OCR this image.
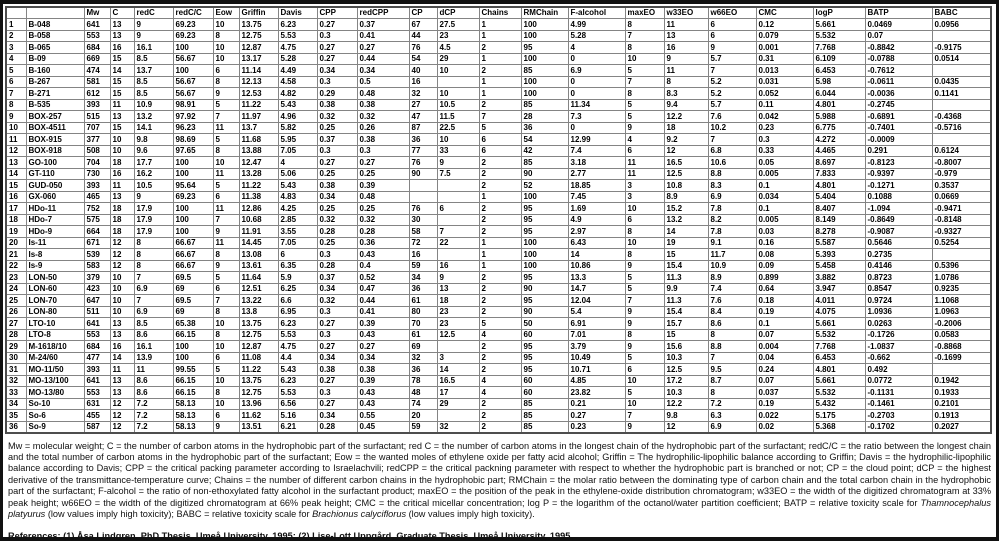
		Mw	C	redC	redC/C	Eow	Griffin	Davis	CPP	redCPP	CP	dCP	Chains	RMChain	F-alcohol	maxEO	w33EO	w66EO	CMC	logP	BATP	BABC
1	B-048	641	13	9	69.23	10	13.75	6.23	0.27	0.37	67	27.5	1	100	4.99	8	11	6	0.12	5.661	0.0469	0.0956
2	B-058	553	13	9	69.23	8	12.75	5.53	0.3	0.41	44	23	1	100	5.28	7	13	6	0.079	5.532	0.07	
3	B-065	684	16	16.1	100	10	12.87	4.75	0.27	0.27	76	4.5	2	95	4	8	16	9	0.001	7.768	-0.8842	-0.9175
4	B-09	669	15	8.5	56.67	10	13.17	5.28	0.27	0.44	54	29	1	100	0	10	9	5.7	0.31	6.109	-0.0788	0.0514
5	B-160	474	14	13.7	100	6	11.14	4.49	0.34	0.34	40	10	2	85	6.9	5	11	7	0.013	6.453	-0.7612	
6	B-267	581	15	8.5	56.67	8	12.13	4.58	0.3	0.5	16		1	100	0	7	8	5.2	0.031	5.98	-0.0611	0.0435
7	B-271	612	15	8.5	56.67	9	12.53	4.82	0.29	0.48	32	10	1	100	0	8	8.3	5.2	0.052	6.044	-0.0036	0.1141
8	B-535	393	11	10.9	98.91	5	11.22	5.43	0.38	0.38	27	10.5	2	85	11.34	5	9.4	5.7	0.11	4.801	-0.2745	
9	BOX-257	515	13	13.2	97.92	7	11.97	4.96	0.32	0.32	47	11.5	7	28	7.3	5	12.2	7.6	0.042	5.988	-0.6891	-0.4368
10	BOX-4511	707	15	14.1	96.23	11	13.7	5.82	0.25	0.26	87	22.5	5	36	0	9	18	10.2	0.23	6.775	-0.7401	-0.5716
11	BOX-915	377	10	9.8	98.69	5	11.68	5.95	0.37	0.38	36	10	6	54	12.99	4	9.2	7	0.3	4.272	-0.0009	
12	BOX-918	508	10	9.6	97.65	8	13.88	7.05	0.3	0.3	77	33	6	42	7.4	6	12	6.8	0.33	4.465	0.291	0.6124
13	GO-100	704	18	17.7	100	10	12.47	4	0.27	0.27	76	9	2	85	3.18	11	16.5	10.6	0.05	8.697	-0.8123	-0.8007
14	GT-110	730	16	16.2	100	11	13.28	5.06	0.25	0.25	90	7.5	2	90	2.77	11	12.5	8.8	0.005	7.833	-0.9397	-0.979
15	GUD-050	393	11	10.5	95.64	5	11.22	5.43	0.38	0.39			2	52	18.85	3	10.8	8.3	0.1	4.801	-0.1271	0.3537
16	GX-060	465	13	9	69.23	6	11.38	4.83	0.34	0.48			1	100	7.45	3	8.9	6.9	0.034	5.404	0.1088	0.0669
17	HDo-11	752	18	17.9	100	11	12.86	4.25	0.25	0.25	76	6	2	95	1.69	10	15.2	7.8	0.1	8.407	-1.094	-0.9471
18	HDo-7	575	18	17.9	100	7	10.68	2.85	0.32	0.32	30		2	95	4.9	6	13.2	8.2	0.005	8.149	-0.8649	-0.8148
19	HDo-9	664	18	17.9	100	9	11.91	3.55	0.28	0.28	58	7	2	95	2.97	8	14	7.8	0.03	8.278	-0.9087	-0.9327
20	Is-11	671	12	8	66.67	11	14.45	7.05	0.25	0.36	72	22	1	100	6.43	10	19	9.1	0.16	5.587	0.5646	0.5254
21	Is-8	539	12	8	66.67	8	13.08	6	0.3	0.43	16		1	100	14	8	15	11.7	0.08	5.393	0.2735	
22	Is-9	583	12	8	66.67	9	13.61	6.35	0.28	0.4	59	16	1	100	10.86	9	15.4	10.9	0.09	5.458	0.4146	0.5396
23	LON-50	379	10	7	69.5	5	11.64	5.9	0.37	0.52	34	9	2	95	13.3	5	11.3	8.9	0.899	3.882	0.8723	1.0786
24	LON-60	423	10	6.9	69	6	12.51	6.25	0.34	0.47	36	13	2	90	14.7	5	9.9	7.4	0.64	3.947	0.8547	0.9235
25	LON-70	647	10	7	69.5	7	13.22	6.6	0.32	0.44	61	18	2	95	12.04	7	11.3	7.6	0.18	4.011	0.9724	1.1068
26	LON-80	511	10	6.9	69	8	13.8	6.95	0.3	0.41	80	23	2	90	5.4	9	15.4	8.4	0.19	4.075	1.0936	1.0963
27	LTO-10	641	13	8.5	65.38	10	13.75	6.23	0.27	0.39	70	23	5	50	6.91	9	15.7	8.6	0.1	5.661	0.0263	-0.2006
28	LTO-8	553	13	8.6	66.15	8	12.75	5.53	0.3	0.43	61	12.5	4	60	7.01	8	15	8	0.07	5.532	-0.1726	0.0583
29	M-1618/10	684	16	16.1	100	10	12.87	4.75	0.27	0.27	69		2	95	3.79	9	15.6	8.8	0.004	7.768	-1.0837	-0.8868
30	M-24/60	477	14	13.9	100	6	11.08	4.4	0.34	0.34	32	3	2	95	10.49	5	10.3	7	0.04	6.453	-0.662	-0.1699
31	MO-11/50	393	11	11	99.55	5	11.22	5.43	0.38	0.38	36	14	2	95	10.71	6	12.5	9.5	0.24	4.801	0.492	
32	MO-13/100	641	13	8.6	66.15	10	13.75	6.23	0.27	0.39	78	16.5	4	60	4.85	10	17.2	8.7	0.07	5.661	0.0772	0.1942
33	MO-13/80	553	13	8.6	66.15	8	12.75	5.53	0.3	0.43	48	17	4	60	23.82	5	10.3	8	0.037	5.532	-0.1131	0.1933
34	So-10	631	12	7.2	58.13	10	13.96	6.56	0.27	0.43	74	29	2	85	0.21	10	12.2	7.2	0.19	5.432	-0.1461	0.2101
35	So-6	455	12	7.2	58.13	6	11.62	5.16	0.34	0.55	20		2	85	0.27	7	9.8	6.3	0.022	5.175	-0.2703	0.1913
36	So-9	587	12	7.2	58.13	9	13.51	6.21	0.28	0.45	59	32	2	85	0.23	9	12	6.9	0.02	5.368	-0.1702	0.2027
Mw = molecular weight; C = the number of carbon atoms in the hydrophobic part of the surfactant; red C = the number of carbon atoms in the longest chain of the hydrophobic part of the surfactant; redC/C = the ratio between the longest chain and the total number of carbon atoms in the hydrophobic part of the surfactant; Eow = the wanted moles of ethylene oxide per fatty acid alcohol; Griffin = The hydrophilic-lipophilic balance according to Griffin; Davis = the hydrophilic-lipophilic balance according to Davis; CPP = the critical packing parameter according to Israelachvili; redCPP = the critical packning parameter with respect to whether the hydrophobic part is branched or not; CP = the cloud point; dCP = the highest derivative of the transmittance-temperature curve; Chains = the number of different carbon chains in the hydrophobic part; RMChain = the molar ratio between the dominating type of carbon chain and the total carbon chain in the hydrophobic part of the surfactant; F-alcohol = the ratio of non-ethoxylated fatty alcohol in the surfactant product; maxEO = the position of the peak in the ethylene-oxide distribution chromatogram; w33EO = the width of the digitized chromatogram at 33% peak height; w66EO = the width of the digitized chromatogram at 66% peak height; CMC = the critical micellar concentration; log P = the logarithm of the octanol/water partition coefficient; BATP = relative toxicity scale for Thamnocephalus platyurus (low values imply high toxicity); BABC = relative toxicity scale for Brachionus calyciflorus (low values imply high toxicity).
References: (1) Åsa Lindgren, PhD Thesis, Umeå University, 1995; (2) Lise-Lott Uppgård, Graduate Thesis, Umeå University, 1995.
